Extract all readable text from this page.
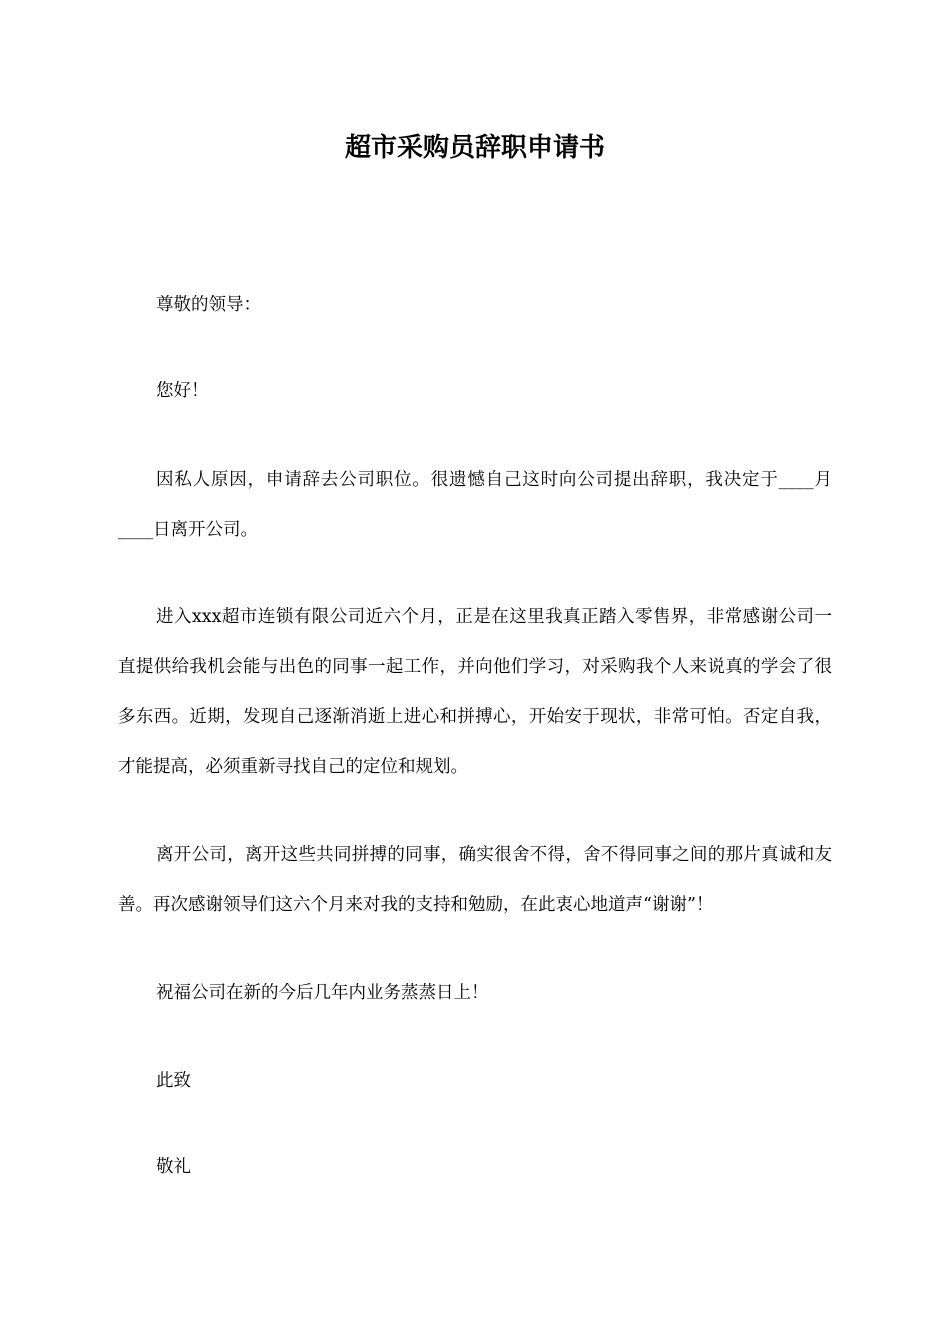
超市采购员辞职申请书

尊敬的领导：

您好！

因私人原因，申请辞去公司职位。很遗憾自己这时向公司提出辞职，我决定于____月____日离开公司。

进入xxx超市连锁有限公司近六个月，正是在这里我真正踏入零售界，非常感谢公司一直提供给我机会能与出色的同事一起工作，并向他们学习，对采购我个人来说真的学会了很多东西。近期，发现自己逐渐消逝上进心和拼搏心，开始安于现状，非常可怕。否定自我，才能提高，必须重新寻找自己的定位和规划。

离开公司，离开这些共同拼搏的同事，确实很舍不得，舍不得同事之间的那片真诚和友善。再次感谢领导们这六个月来对我的支持和勉励，在此衷心地道声“谢谢”！

祝福公司在新的今后几年内业务蒸蒸日上！

此致

敬礼
